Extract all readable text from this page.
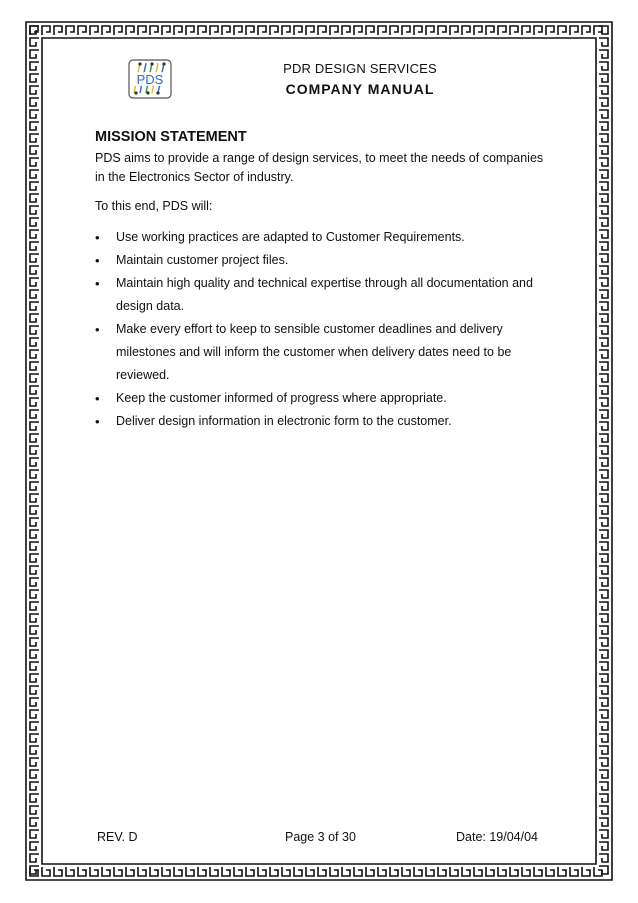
PDS
PDR DESIGN SERVICES
COMPANY MANUAL
MISSION STATEMENT

PDS aims to provide a range of design services, to meet the needs of companies in the Electronics Sector of industry.

To this end, PDS will:

• Use working practices are adapted to Customer Requirements.
• Maintain customer project files.
• Maintain high quality and technical expertise through all documentation and design data.
• Make every effort to keep to sensible customer deadlines and delivery milestones and will inform the customer when delivery dates need to be reviewed.
• Keep the customer informed of progress where appropriate.
• Deliver design information in electronic form to the customer.
REV. D	Page 3 of 30	Date: 19/04/04
